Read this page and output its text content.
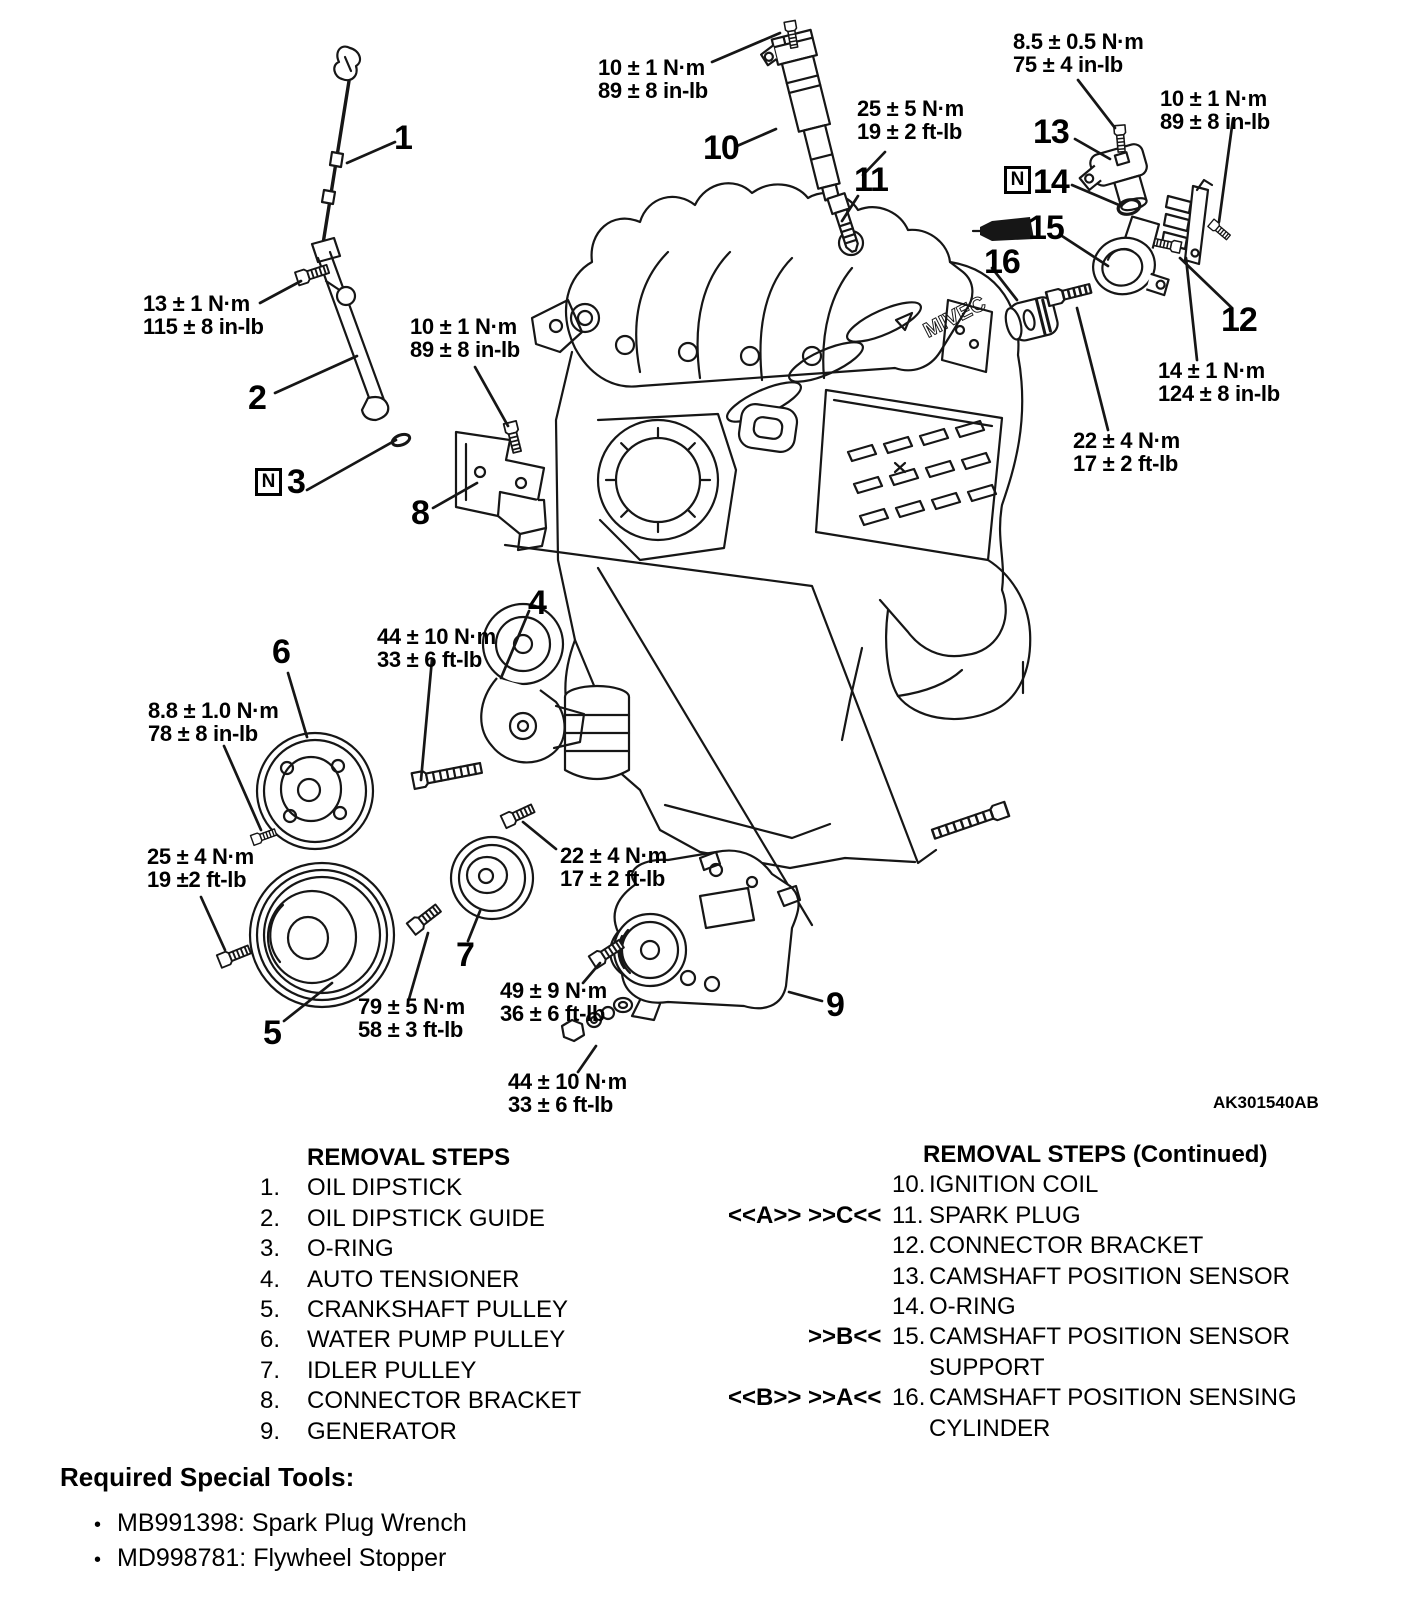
MIVEC
10 ± 1 N·m
89 ± 8 in-lb
8.5 ± 0.5 N·m
75 ± 4 in-lb
10 ± 1 N·m
89 ± 8 in-lb
25 ± 5 N·m
19 ± 2 ft-lb
13 ± 1 N·m
115 ± 8 in-lb	10 ± 1 N·m
89 ± 8 in-lb
14 ± 1 N·m
124 ± 8 in-lb
22 ± 4 N·m
17 ± 2 ft-lb
44 ± 10 N·m
33 ± 6 ft-lb
8.8 ± 1.0 N·m
78 ± 8 in-lb
25 ± 4 N·m
19 ±2 ft-lb
22 ± 4 N·m
17 ± 2 ft-lb
79 ± 5 N·m
58 ± 3 ft-lb
49 ± 9 N·m
36 ± 6 ft-lb
44 ± 10 N·m
33 ± 6 ft-lb
1
2
N 3
4
5
6
7
8
9
10
11
12
13
N 14
15
16
AK301540AB
REMOVAL STEPS
1.	OIL DIPSTICK
2.	OIL DIPSTICK GUIDE
3.	O-RING
4.	AUTO TENSIONER
5.	CRANKSHAFT PULLEY
6.	WATER PUMP PULLEY
7.	IDLER PULLEY
8.	CONNECTOR BRACKET
9.	GENERATOR
REMOVAL STEPS (Continued)
10. IGNITION COIL
<<A>> >>C<< 11. SPARK PLUG
12. CONNECTOR BRACKET
13. CAMSHAFT POSITION SENSOR
14. O-RING
>>B<< 15. CAMSHAFT POSITION SENSOR SUPPORT
<<B>> >>A<< 16. CAMSHAFT POSITION SENSING CYLINDER
Required Special Tools:
• MB991398: Spark Plug Wrench
• MD998781: Flywheel Stopper
